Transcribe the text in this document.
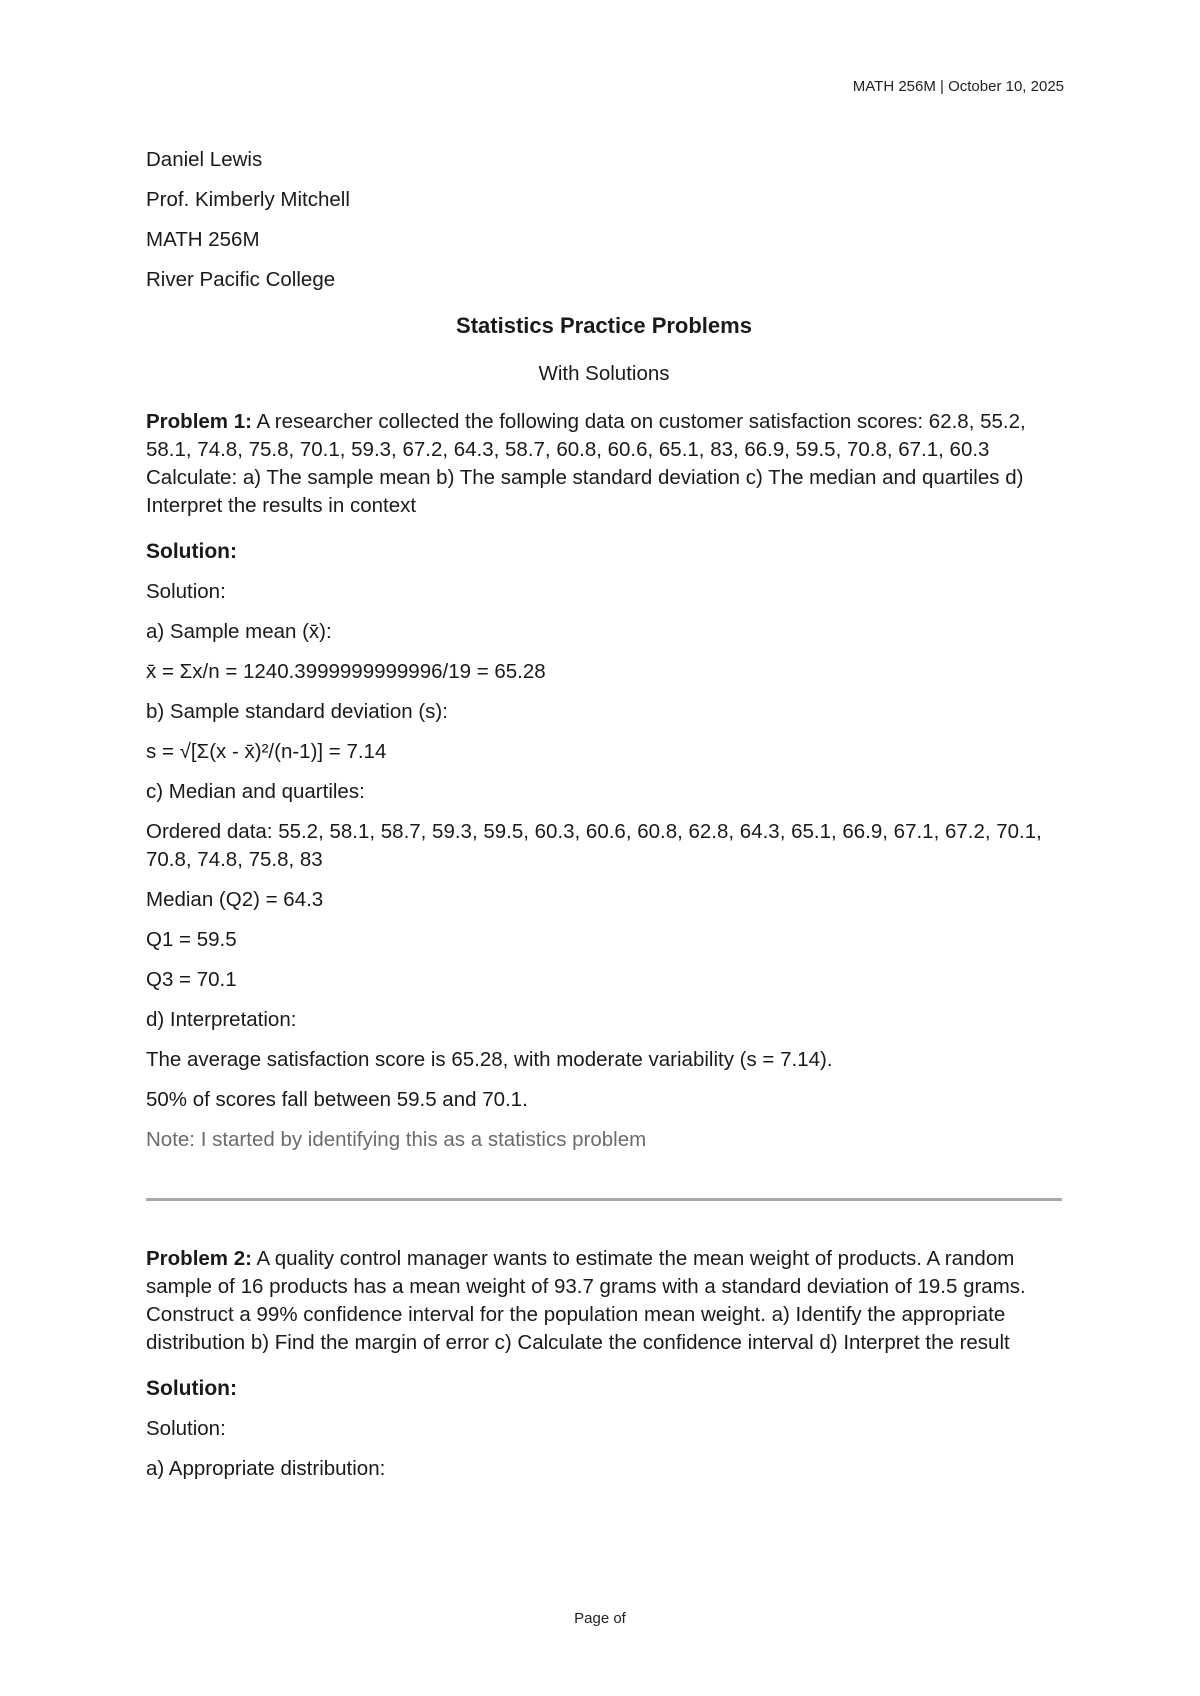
MATH 256M | October 10, 2025
Daniel Lewis
Prof. Kimberly Mitchell
MATH 256M
River Pacific College
Statistics Practice Problems
With Solutions
Problem 1: A researcher collected the following data on customer satisfaction scores: 62.8, 55.2, 58.1, 74.8, 75.8, 70.1, 59.3, 67.2, 64.3, 58.7, 60.8, 60.6, 65.1, 83, 66.9, 59.5, 70.8, 67.1, 60.3 Calculate: a) The sample mean b) The sample standard deviation c) The median and quartiles d) Interpret the results in context
Solution:
Solution:
a) Sample mean (x̄):
x̄ = Σx/n = 1240.3999999999996/19 = 65.28
b) Sample standard deviation (s):
s = √[Σ(x - x̄)²/(n-1)] = 7.14
c) Median and quartiles:
Ordered data: 55.2, 58.1, 58.7, 59.3, 59.5, 60.3, 60.6, 60.8, 62.8, 64.3, 65.1, 66.9, 67.1, 67.2, 70.1, 70.8, 74.8, 75.8, 83
Median (Q2) = 64.3
Q1 = 59.5
Q3 = 70.1
d) Interpretation:
The average satisfaction score is 65.28, with moderate variability (s = 7.14).
50% of scores fall between 59.5 and 70.1.
Note: I started by identifying this as a statistics problem
Problem 2: A quality control manager wants to estimate the mean weight of products. A random sample of 16 products has a mean weight of 93.7 grams with a standard deviation of 19.5 grams. Construct a 99% confidence interval for the population mean weight. a) Identify the appropriate distribution b) Find the margin of error c) Calculate the confidence interval d) Interpret the result
Solution:
Solution:
a) Appropriate distribution:
Page of
